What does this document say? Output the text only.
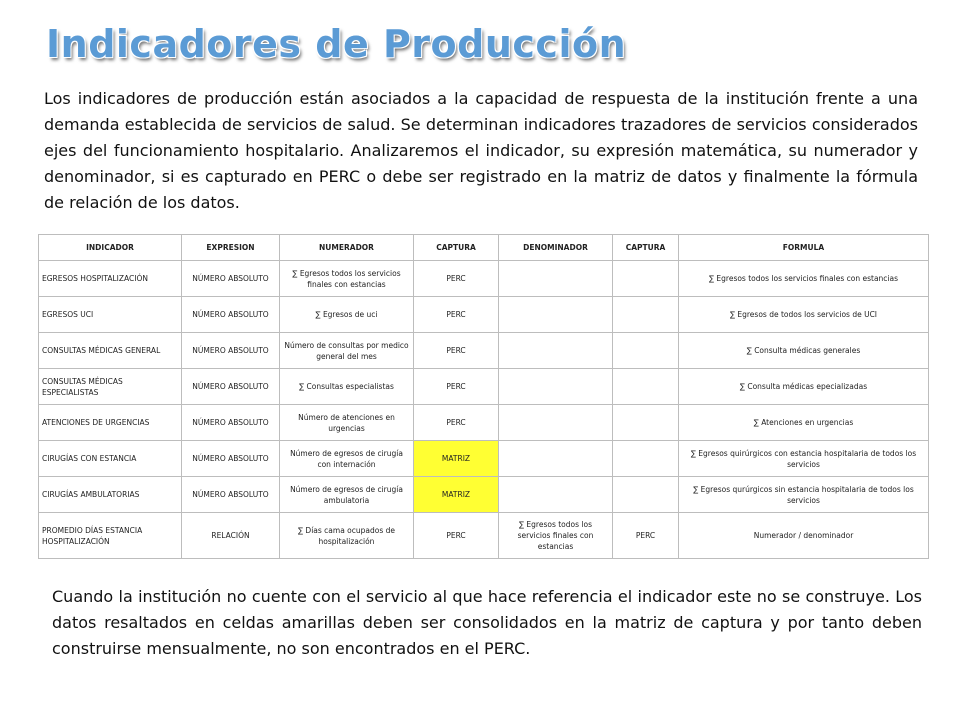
Indicadores de Producción

Los indicadores de producción están asociados a la capacidad de respuesta de la institución frente a una demanda establecida de servicios de salud. Se determinan indicadores trazadores de servicios considerados ejes del funcionamiento hospitalario. Analizaremos el indicador, su expresión matemática, su numerador y denominador, si es capturado en PERC o debe ser registrado en la matriz de datos y finalmente la fórmula de relación de los datos.

INDICADOR	EXPRESION	NUMERADOR	CAPTURA	DENOMINADOR	CAPTURA	FORMULA
EGRESOS HOSPITALIZACIÓN	NÚMERO ABSOLUTO	∑ Egresos todos los servicios finales con estancias	PERC			∑ Egresos todos los servicios finales con estancias
EGRESOS UCI	NÚMERO ABSOLUTO	∑ Egresos de uci	PERC			∑ Egresos de todos los servicios de UCI
CONSULTAS MÉDICAS GENERAL	NÚMERO ABSOLUTO	Número de consultas por medico general del mes	PERC			∑ Consulta médicas generales
CONSULTAS MÉDICAS ESPECIALISTAS	NÚMERO ABSOLUTO	∑ Consultas especialistas	PERC			∑ Consulta médicas epecializadas
ATENCIONES DE URGENCIAS	NÚMERO ABSOLUTO	Número de atenciones en urgencias	PERC			∑ Atenciones en urgencias
CIRUGÍAS CON ESTANCIA	NÚMERO ABSOLUTO	Número de egresos de cirugía con internación	MATRIZ			∑ Egresos quirúrgicos con estancia hospitalaria de todos los servicios
CIRUGÍAS AMBULATORIAS	NÚMERO ABSOLUTO	Número de egresos de cirugía ambulatoria	MATRIZ			∑ Egresos qurúrgicos sin estancia hospitalaria de todos los servicios
PROMEDIO DÍAS ESTANCIA HOSPITALIZACIÓN	RELACIÓN	∑ Días cama ocupados de hospitalización	PERC	∑ Egresos todos los servicios finales con estancias	PERC	Numerador / denominador

Cuando la institución no cuente con el servicio al que hace referencia el indicador este no se construye. Los datos resaltados en celdas amarillas deben ser consolidados en la matriz de captura y por tanto deben construirse mensualmente, no son encontrados en el PERC.
